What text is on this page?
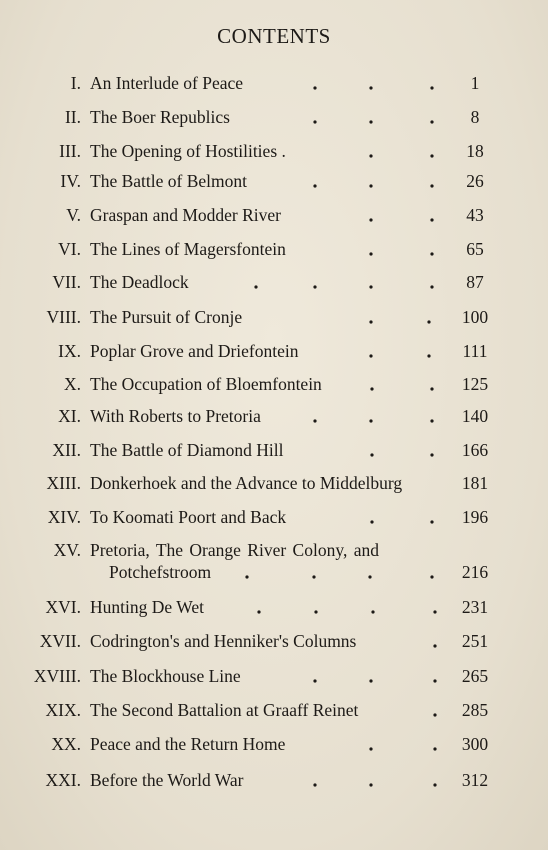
CONTENTS
I. An Interlude of Peace	1
II. The Boer Republics	8
III. The Opening of Hostilities .	18
IV. The Battle of Belmont	26
V. Graspan and Modder River	43
VI. The Lines of Magersfontein	65
VII. The Deadlock	87
VIII. The Pursuit of Cronje	100
IX. Poplar Grove and Driefontein	111
X. The Occupation of Bloemfontein	125
XI. With Roberts to Pretoria	140
XII. The Battle of Diamond Hill	166
XIII. Donkerhoek and the Advance to Middelburg	181
XIV. To Koomati Poort and Back	196
XV. Pretoria, The Orange River Colony, and
Potchefstroom	216
XVI. Hunting De Wet	231
XVII. Codrington's and Henniker's Columns	251
XVIII. The Blockhouse Line	265
XIX. The Second Battalion at Graaff Reinet	285
XX. Peace and the Return Home	300
XXI. Before the World War	312
